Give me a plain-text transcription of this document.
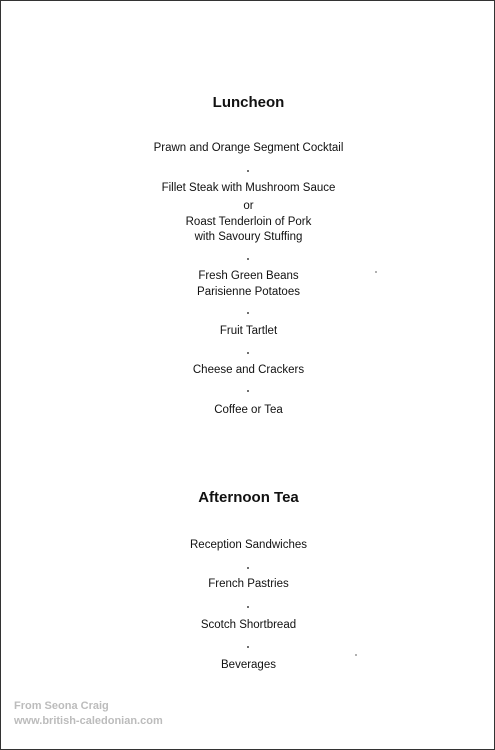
Luncheon
Prawn and Orange Segment Cocktail
Fillet Steak with Mushroom Sauce
or
Roast Tenderloin of Pork
with Savoury Stuffing
Fresh Green Beans
Parisienne Potatoes
Fruit Tartlet
Cheese and Crackers
Coffee or Tea
Afternoon Tea
Reception Sandwiches
French Pastries
Scotch Shortbread
Beverages
From Seona Craig
www.british-caledonian.com
